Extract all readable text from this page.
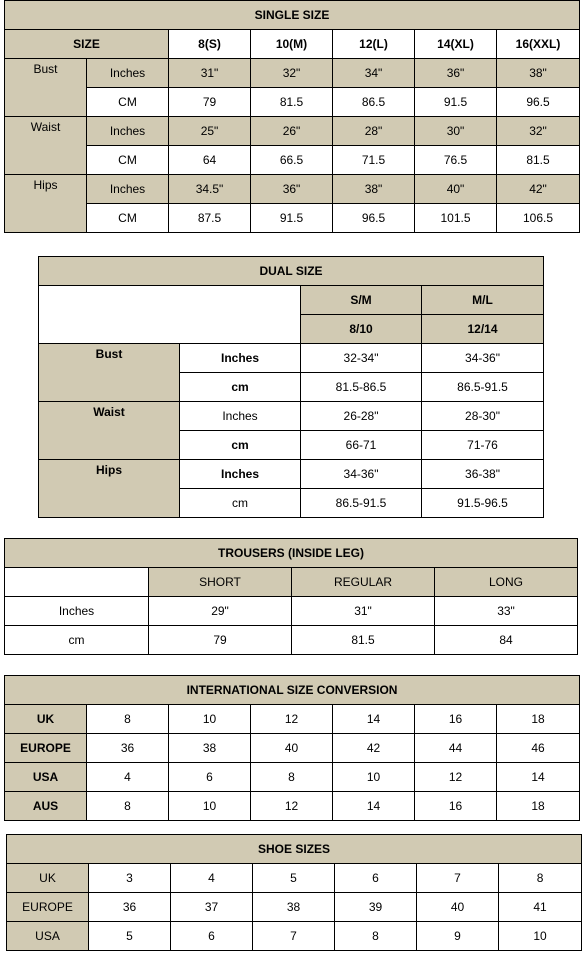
SINGLE SIZE						
SIZE		8(S)	10(M)	12(L)	14(XL)	16(XXL)
Bust	Inches	31"	32"	34"	36"	38"
	CM	79	81.5	86.5	91.5	96.5
Waist	Inches	25"	26"	28"	30"	32"
	CM	64	66.5	71.5	76.5	81.5
Hips	Inches	34.5"	36"	38"	40"	42"
	CM	87.5	91.5	96.5	101.5	106.5
DUAL SIZE			
		S/M	M/L
		8/10	12/14
Bust	Inches	32-34"	34-36"
	cm	81.5-86.5	86.5-91.5
Waist	Inches	26-28"	28-30"
	cm	66-71	71-76
Hips	Inches	34-36"	36-38"
	cm	86.5-91.5	91.5-96.5
TROUSERS (INSIDE LEG)			
	SHORT	REGULAR	LONG
Inches	29"	31"	33"
cm	79	81.5	84
INTERNATIONAL SIZE CONVERSION						
UK	8	10	12	14	16	18
EUROPE	36	38	40	42	44	46
USA	4	6	8	10	12	14
AUS	8	10	12	14	16	18
SHOE SIZES						
UK	3	4	5	6	7	8
EUROPE	36	37	38	39	40	41
USA	5	6	7	8	9	10
